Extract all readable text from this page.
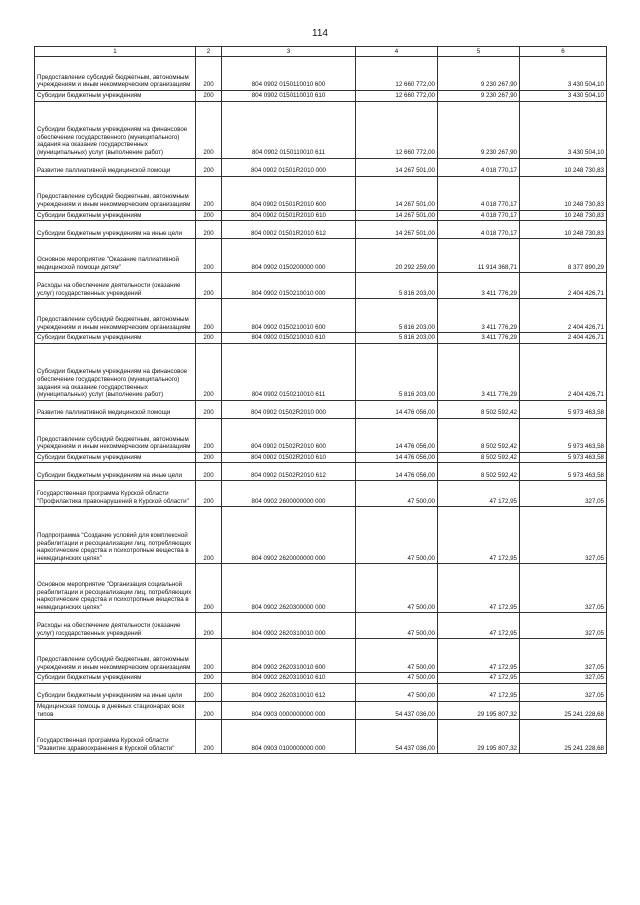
114
1	2	3	4	5	6
Предоставление субсидий бюджетным, автономным учреждениям и иным некоммерческим организациям	200	804 0902 0150110010 600	12 660 772,00	9 230 267,90	3 430 504,10
Субсидии бюджетным учреждениям	200	804 0902 0150110010 610	12 660 772,00	9 230 267,90	3 430 504,10
Субсидии бюджетным учреждениям на финансовое обеспечение государственного (муниципального) задания на оказание государственных (муниципальных) услуг (выполнение работ)	200	804 0902 0150110010 611	12 660 772,00	9 230 267,90	3 430 504,10
Развитие паллиативной медицинской помощи	200	804 0902 01501R2010 000	14 267 501,00	4 018 770,17	10 248 730,83
Предоставление субсидий бюджетным, автономным учреждениям и иным некоммерческим организациям	200	804 0902 01501R2010 600	14 267 501,00	4 018 770,17	10 248 730,83
Субсидии бюджетным учреждениям	200	804 0902 01501R2010 610	14 267 501,00	4 018 770,17	10 248 730,83
Субсидии бюджетным учреждениям на иные цели	200	804 0902 01501R2010 612	14 267 501,00	4 018 770,17	10 248 730,83
Основное мероприятие "Оказание паллиативной медицинской помощи детям"	200	804 0902 0150200000 000	20 292 259,00	11 914 368,71	8 377 890,29
Расходы на обеспечение деятельности (оказание услуг) государственных учреждений	200	804 0902 0150210010 000	5 816 203,00	3 411 776,29	2 404 426,71
Предоставление субсидий бюджетным, автономным учреждениям и иным некоммерческим организациям	200	804 0902 0150210010 600	5 816 203,00	3 411 776,29	2 404 426,71
Субсидии бюджетным учреждениям	200	804 0902 0150210010 610	5 816 203,00	3 411 776,29	2 404 426,71
Субсидии бюджетным учреждениям на финансовое обеспечение государственного (муниципального) задания на оказание государственных (муниципальных) услуг (выполнение работ)	200	804 0902 0150210010 611	5 816 203,00	3 411 776,29	2 404 426,71
Развитие паллиативной медицинской помощи	200	804 0902 01502R2010 000	14 476 056,00	8 502 592,42	5 973 463,58
Предоставление субсидий бюджетным, автономным учреждениям и иным некоммерческим организациям	200	804 0902 01502R2010 600	14 476 056,00	8 502 592,42	5 973 463,58
Субсидии бюджетным учреждениям	200	804 0902 01502R2010 610	14 476 056,00	8 502 592,42	5 973 463,58
Субсидии бюджетным учреждениям на иные цели	200	804 0902 01502R2010 612	14 476 056,00	8 502 592,42	5 973 463,58
Государственная программа Курской области "Профилактика правонарушений в Курской области"	200	804 0902 2600000000 000	47 500,00	47 172,95	327,05
Подпрограмма "Создание условий для комплексной реабилитации и ресоциализации лиц, потребляющих наркотические средства и психотропные вещества в немедицинских целях"	200	804 0902 2620000000 000	47 500,00	47 172,95	327,05
Основное мероприятие "Организация социальной реабилитации и ресоциализации лиц, потребляющих наркотические средства и психотропные вещества в немедицинских целях"	200	804 0902 2620300000 000	47 500,00	47 172,95	327,05
Расходы на обеспечение деятельности (оказание услуг) государственных учреждений	200	804 0902 2620310010 000	47 500,00	47 172,95	327,05
Предоставление субсидий бюджетным, автономным учреждениям и иным некоммерческим организациям	200	804 0902 2620310010 600	47 500,00	47 172,95	327,05
Субсидии бюджетным учреждениям	200	804 0902 2620310010 610	47 500,00	47 172,95	327,05
Субсидии бюджетным учреждениям на иные цели	200	804 0902 2620310010 612	47 500,00	47 172,95	327,05
Медицинская помощь в дневных стационарах всех типов	200	804 0903 0000000000 000	54 437 036,00	29 195 807,32	25 241 228,68
Государственная программа Курской области "Развитие здравоохранения в Курской области"	200	804 0903 0100000000 000	54 437 036,00	29 195 807,32	25 241 228,68
